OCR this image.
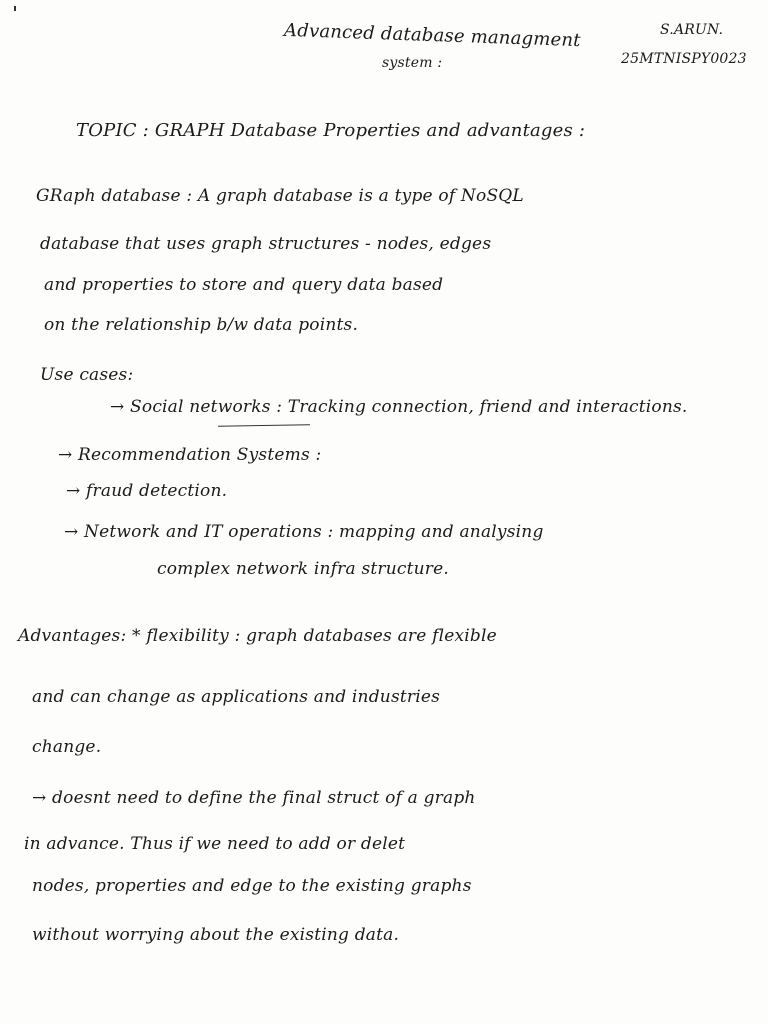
Advanced database managment

system :

S.ARUN.

25MTNISPY0023

TOPIC : GRAPH Database Properties and advantages :

GRaph database : A graph database is a type of NoSQL

database that uses graph structures - nodes, edges

and properties to store and query data based

on the relationship b/w data points.

Use cases:

→ Social networks : Tracking connection, friend and interactions.

→ Recommendation Systems :

→ fraud detection.

→ Network and IT operations : mapping and analysing

complex network infra structure.

Advantages: * flexibility : graph databases are flexible

and can change as applications and industries

change.

→ doesnt need to define the final struct of a graph

in advance. Thus if we need to add or delet

nodes, properties and edge to the existing graphs

without worrying about the existing data.
